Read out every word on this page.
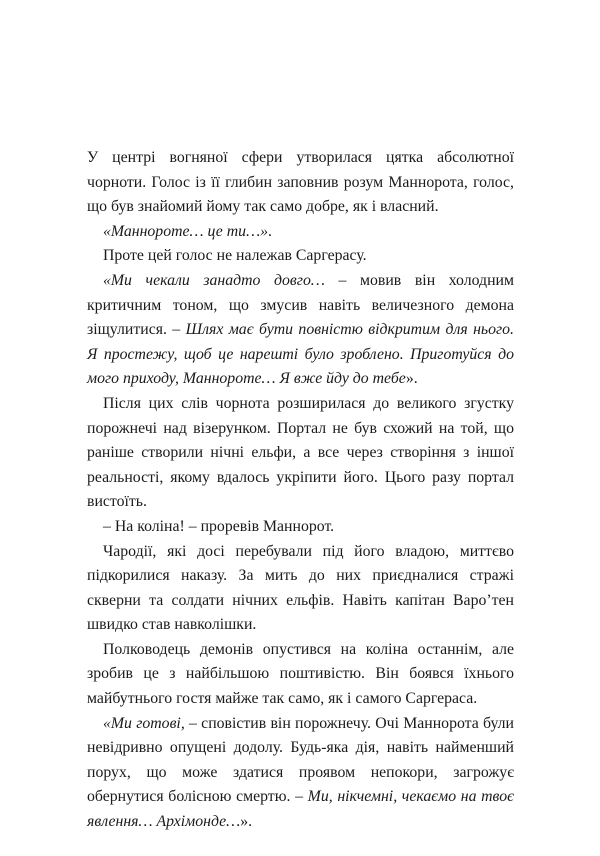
У центрі вогняної сфери утворилася цятка абсолютної чорноти. Голос із її глибин заповнив розум Маннорота, голос, що був знайомий йому так само добре, як і власний.

«Манноротe… це ти…».

Проте цей голос не належав Саргерасу.

«Ми чекали занадто довго… – мовив він холодним критичним тоном, що змусив навіть величезного демона зіщулитися. – Шлях має бути повністю відкритим для нього. Я простежу, щоб це нарешті було зроблено. Приготуйся до мого приходу, Манноротe… Я вже йду до тебе».

Після цих слів чорнота розширилася до великого згустку порожнечі над візерунком. Портал не був схожий на той, що раніше створили нічні ельфи, а все через створіння з іншої реальності, якому вдалось укріпити його. Цього разу портал вистоїть.

– На коліна! – проревів Маннорот.

Чародії, які досі перебували під його владою, миттєво підкорилися наказу. За мить до них приєдналися стражі скверни та солдати нічних ельфів. Навіть капітан Варо’тен швидко став навколішки.

Полководець демонів опустився на коліна останнім, але зробив це з найбільшою поштивістю. Він боявся їхнього майбутнього гостя майже так само, як і самого Саргераса.

«Ми готові, – сповістив він порожнечу. Очі Маннорота були невідривно опущені додолу. Будь-яка дія, навіть найменший порух, що може здатися проявом непокори, загрожує обернутися болісною смертю. – Ми, нікчемні, чекаємо на твоє явлення… Архімонде…».
